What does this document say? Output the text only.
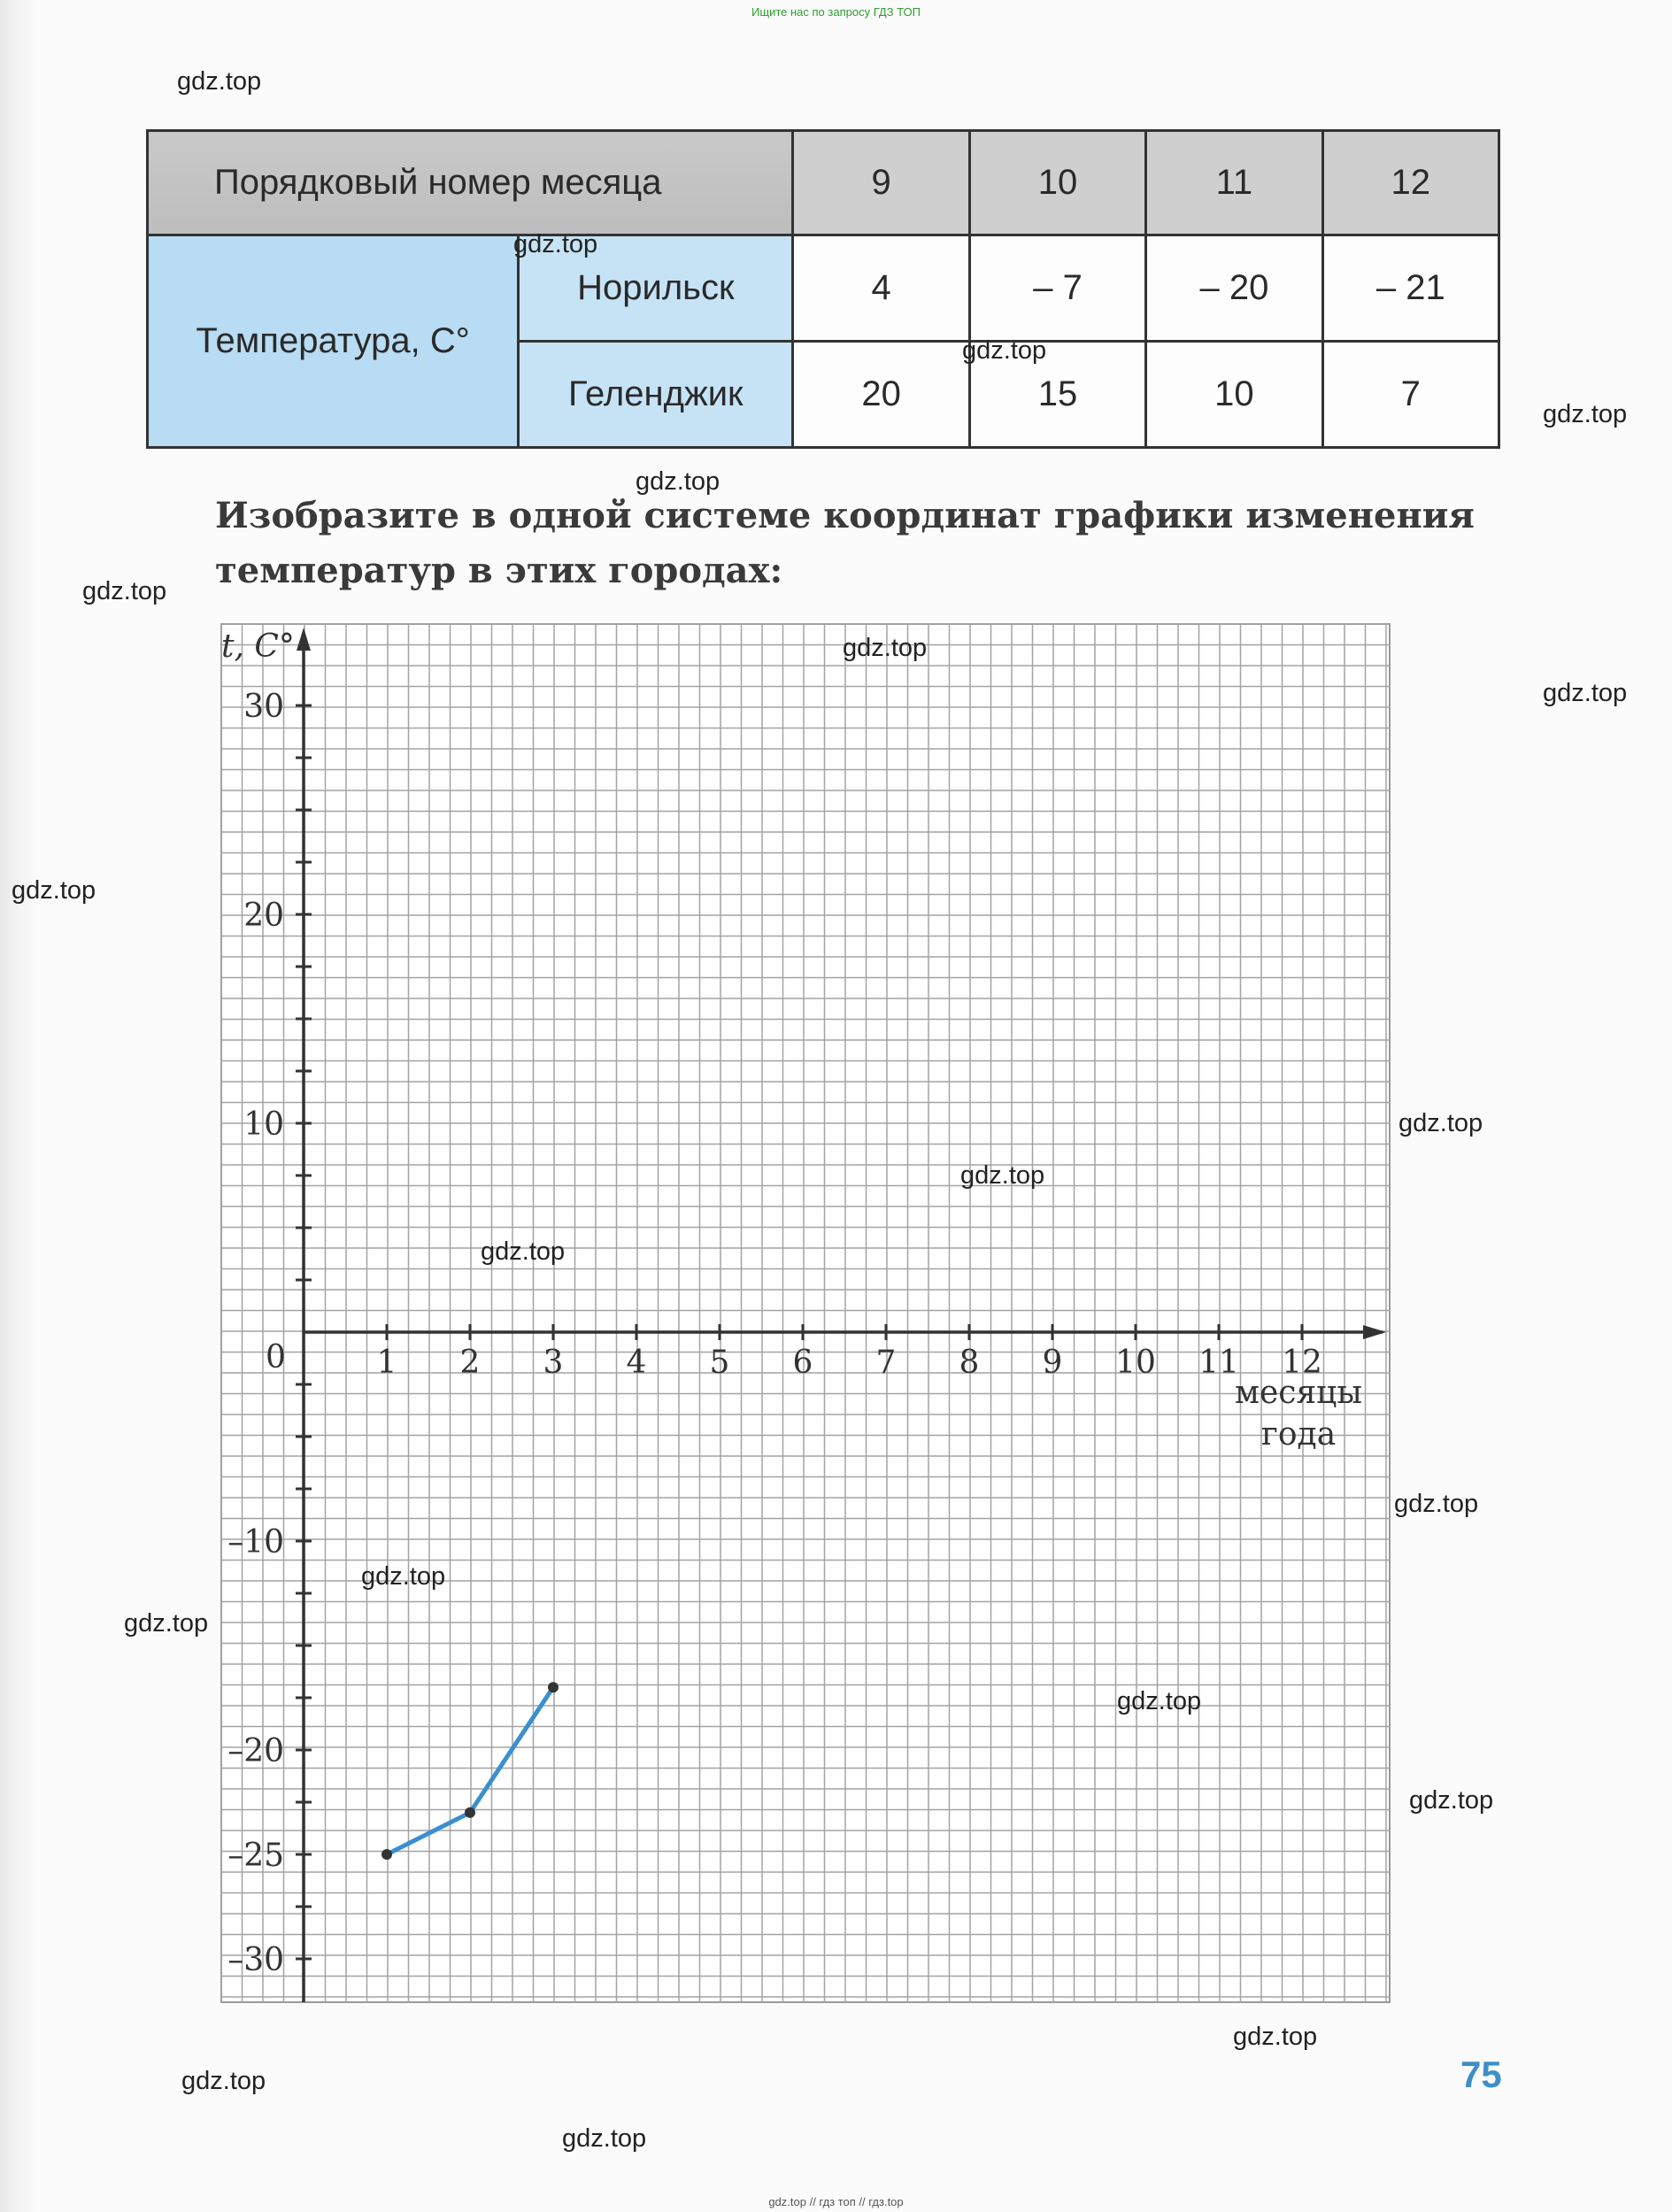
Ищите нас по запросу ГДЗ ТОП
Порядковый номер месяца		9	10	11	12
Температура, C°	Норильск	4	– 7	– 20	– 21
	Геленджик	20	15	10	7
Изобразите в одной системе координат графики изменения
температур в этих городах:
30
20
10
–10
–20
–25
–30
1 2 3 4 5 6 7 8 9 10 11 12
t, C°
0
месяцы
года
75
gdz.top
gdz.top
gdz.top
gdz.top
gdz.top
gdz.top
gdz.top
gdz.top
gdz.top
gdz.top
gdz.top
gdz.top
gdz.top
gdz.top
gdz.top
gdz.top
gdz.top
gdz.top
gdz.top
gdz.top
gdz.top // гдз топ // гдз.top
